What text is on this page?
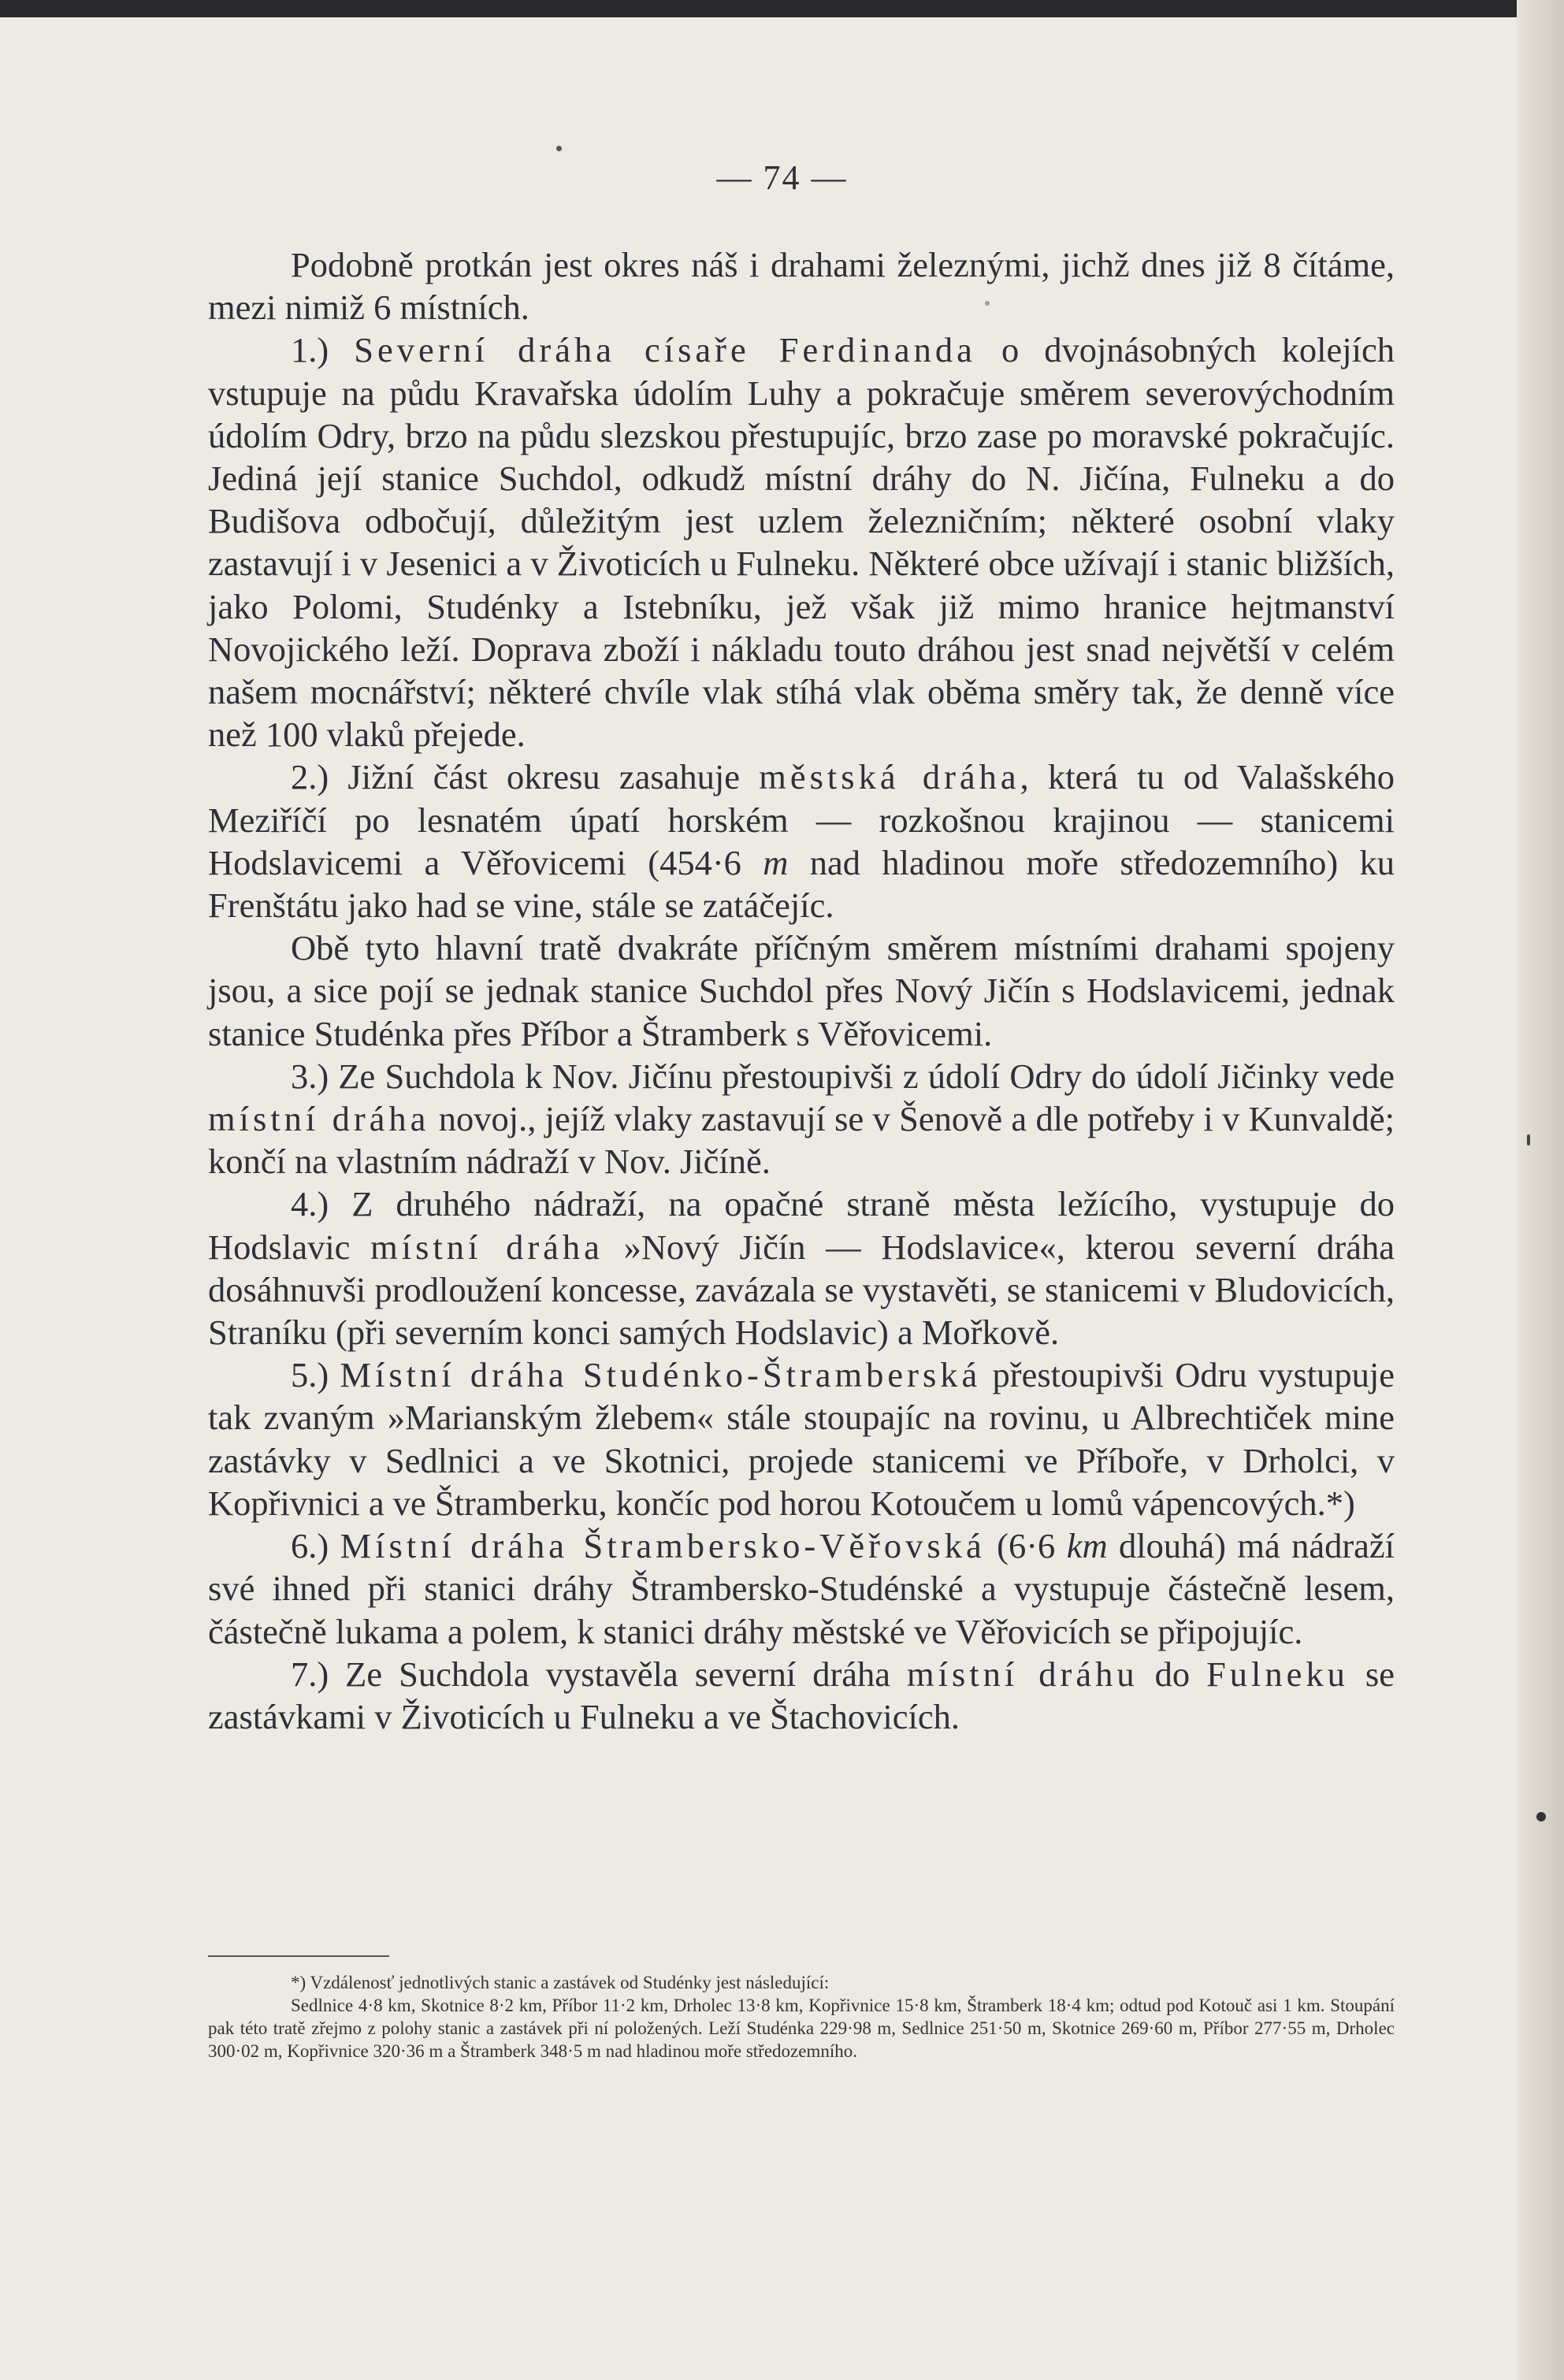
— 74 —

Podobně protkán jest okres náš i drahami železnými, jichž dnes již 8 čítáme, mezi nimiž 6 místních.

1.) Severní dráha císaře Ferdinanda o dvojnásobných kolejích vstupuje na půdu Kravařska údolím Luhy a pokračuje směrem severovýchodním údolím Odry, brzo na půdu slezskou přestupujíc, brzo zase po moravské pokračujíc. Jediná její stanice Suchdol, odkudž místní dráhy do N. Jičína, Fulneku a do Budišova odbočují, důležitým jest uzlem železničním; některé osobní vlaky zastavují i v Jesenici a v Životicích u Fulneku. Některé obce užívají i stanic bližších, jako Polomi, Studénky a Istebníku, jež však již mimo hranice hejtmanství Novojického leží. Doprava zboží i nákladu touto dráhou jest snad největší v celém našem mocnářství; některé chvíle vlak stíhá vlak oběma směry tak, že denně více než 100 vlaků přejede.

2.) Jižní část okresu zasahuje městská dráha, která tu od Valašského Meziříčí po lesnatém úpatí horském — rozkošnou krajinou — stanicemi Hodslavicemi a Věřovicemi (454·6 m nad hladinou moře středozemního) ku Frenštátu jako had se vine, stále se zatáčejíc.

Obě tyto hlavní tratě dvakráte příčným směrem místními drahami spojeny jsou, a sice pojí se jednak stanice Suchdol přes Nový Jičín s Hodslavicemi, jednak stanice Studénka přes Příbor a Štramberk s Věřovicemi.

3.) Ze Suchdola k Nov. Jičínu přestoupivši z údolí Odry do údolí Jičinky vede místní dráha novoj., jejíž vlaky zastavují se v Šenově a dle potřeby i v Kunvaldě; končí na vlastním nádraží v Nov. Jičíně.

4.) Z druhého nádraží, na opačné straně města ležícího, vystupuje do Hodslavic místní dráha »Nový Jičín — Hodslavice«, kterou severní dráha dosáhnuvši prodloužení koncesse, zavázala se vystavěti, se stanicemi v Bludovicích, Straníku (při severním konci samých Hodslavic) a Mořkově.

5.) Místní dráha Studénko-Štramberská přestoupivši Odru vystupuje tak zvaným »Marianským žlebem« stále stoupajíc na rovinu, u Albrechtiček mine zastávky v Sedlnici a ve Skotnici, projede stanicemi ve Příboře, v Drholci, v Kopřivnici a ve Štramberku, končíc pod horou Kotoučem u lomů vápencových.*)

6.) Místní dráha Štrambersko-Věřovská (6·6 km dlouhá) má nádraží své ihned při stanici dráhy Štrambersko-Studénské a vystupuje částečně lesem, částečně lukama a polem, k stanici dráhy městské ve Věřovicích se připojujíc.

7.) Ze Suchdola vystavěla severní dráha místní dráhu do Fulneku se zastávkami v Životicích u Fulneku a ve Štachovicích.

*) Vzdálenosť jednotlivých stanic a zastávek od Studénky jest následující:

Sedlnice 4·8 km, Skotnice 8·2 km, Příbor 11·2 km, Drholec 13·8 km, Kopřivnice 15·8 km, Štramberk 18·4 km; odtud pod Kotouč asi 1 km. Stoupání pak této tratě zřejmo z polohy stanic a zastávek při ní položených. Leží Studénka 229·98 m, Sedlnice 251·50 m, Skotnice 269·60 m, Příbor 277·55 m, Drholec 300·02 m, Kopřivnice 320·36 m a Štramberk 348·5 m nad hladinou moře středozemního.
